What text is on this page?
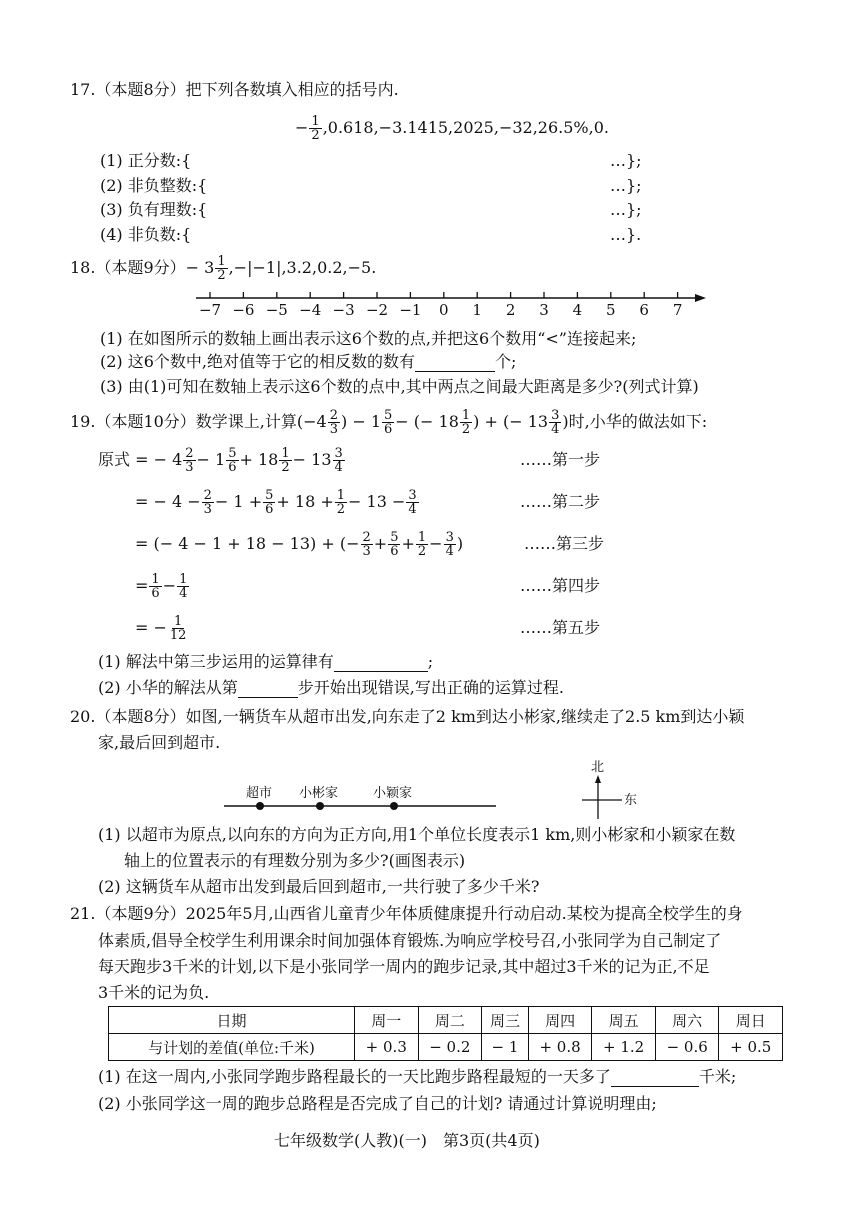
17.（本题8分）把下列各数填入相应的括号内.
− $\frac{1}{2} ,0.618,-3.1415,2025,-32,26.5\%,0$.
(1) 正分数:{	…};
(2) 非负整数:{	…};
(3) 负有理数:{	…};
(4) 非负数:{	…}.
18.（本题9分）− $3 \frac{1}{2} ,-|-1|,3.2,0.2,-5$.
−7 −6 −5 −4 −3 −2 −1	0	1	2	3	4	5	6	7
(1) 在如图所示的数轴上画出表示这6个数的点,并把这6个数用“<”连接起来;
(2) 这6个数中,绝对值等于它的相反数的数有	个;
(3) 由(1)可知在数轴上表示这6个数的点中,其中两点之间最大距离是多少?(列式计算)
19.（本题10分）数学课上,计算($-4 \frac{2}{3}$ ) − $1 \frac{5}{6}$ − (− $18 \frac{1}{2}$ ) + (− $13 \frac{3}{4}$ )时,小华的做法如下:
原式 = − $4 \frac{2}{3} - 1 \frac{5}{6} + 18 \frac{1}{2} - 13 \frac{3}{4}$	……第一步
= − $4 - \frac{2}{3} - 1 + \frac{5}{6} + 18 + \frac{1}{2} - 13 - \frac{3}{4}$	……第二步
= (− 4 − 1 + 18 − 13) + (− $\frac{2}{3} + \frac{5}{6} + \frac{1}{2} - \frac{3}{4}$ )	……第三步
= $\frac{1}{6} - \frac{1}{4}$	……第四步
= − $\frac{1}{12}$	……第五步
(1) 解法中第三步运用的运算律有	;
(2) 小华的解法从第	步开始出现错误,写出正确的运算过程.
20.（本题8分）如图,一辆货车从超市出发,向东走了2 km到达小彬家,继续走了2.5 km到达小颖
家,最后回到超市.
超市 小彬家	小颖家
北
东
(1) 以超市为原点,以向东的方向为正方向,用1个单位长度表示1 km,则小彬家和小颖家在数
轴上的位置表示的有理数分别为多少?(画图表示)
(2) 这辆货车从超市出发到最后回到超市,一共行驶了多少千米?
21.（本题9分）2025年5月,山西省儿童青少年体质健康提升行动启动.某校为提高全校学生的身
体素质,倡导全校学生利用课余时间加强体育锻炼.为响应学校号召,小张同学为自己制定了
每天跑步3千米的计划,以下是小张同学一周内的跑步记录,其中超过3千米的记为正,不足
3千米的记为负.
日期	周一	周二	周三	周四	周五	周六	周日
与计划的差值(单位:千米)	+ 0.3	− 0.2	− 1	+ 0.8	+ 1.2	− 0.6	+ 0.5
(1) 在这一周内,小张同学跑步路程最长的一天比跑步路程最短的一天多了	千米;
(2) 小张同学这一周的跑步总路程是否完成了自己的计划? 请通过计算说明理由;
七年级数学(人教)(一)　第3页(共4页)
